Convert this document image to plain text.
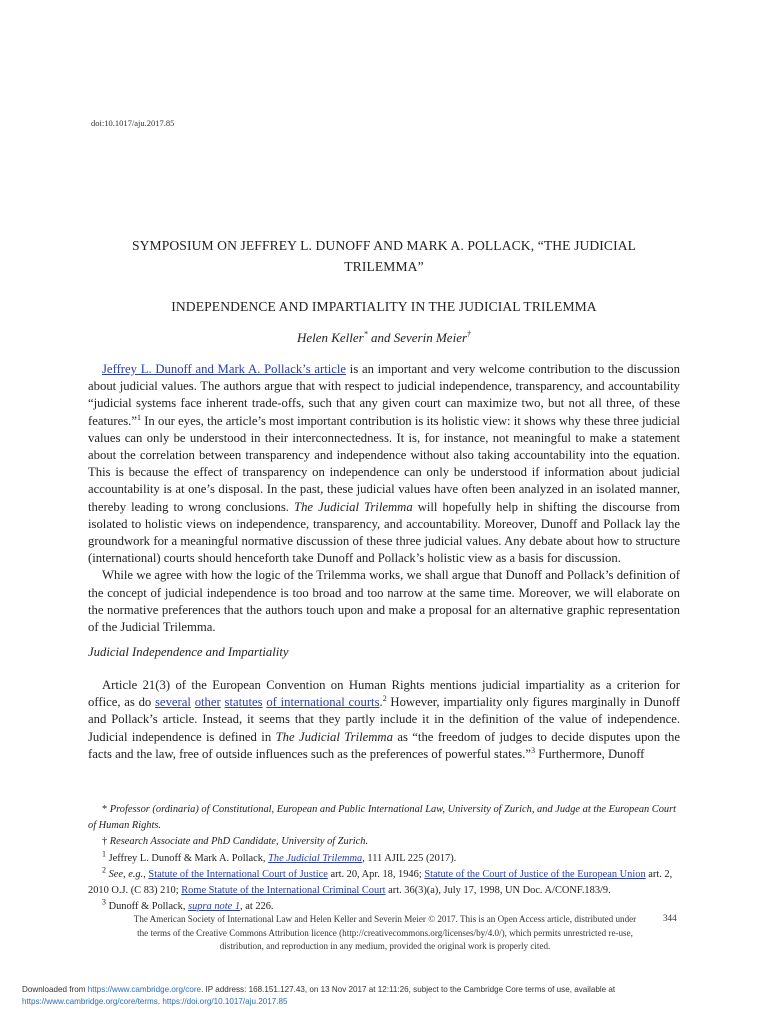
doi:10.1017/aju.2017.85
SYMPOSIUM ON JEFFREY L. DUNOFF AND MARK A. POLLACK, “THE JUDICIAL TRILEMMA”
INDEPENDENCE AND IMPARTIALITY IN THE JUDICIAL TRILEMMA
Helen Keller* and Severin Meier†

Jeffrey L. Dunoff and Mark A. Pollack’s article is an important and very welcome contribution to the discussion about judicial values. The authors argue that with respect to judicial independence, transparency, and accountability “judicial systems face inherent trade-offs, such that any given court can maximize two, but not all three, of these features.”$^1$ In our eyes, the article’s most important contribution is its holistic view: it shows why these three judicial values can only be understood in their interconnectedness. It is, for instance, not meaningful to make a statement about the correlation between transparency and independence without also taking accountability into the equation. This is because the effect of transparency on independence can only be understood if information about judicial accountability is at one’s disposal. In the past, these judicial values have often been analyzed in an isolated manner, thereby leading to wrong conclusions. The Judicial Trilemma will hopefully help in shifting the discourse from isolated to holistic views on independence, transparency, and accountability. Moreover, Dunoff and Pollack lay the groundwork for a meaningful normative discussion of these three judicial values. Any debate about how to structure (international) courts should henceforth take Dunoff and Pollack’s holistic view as a basis for discussion.

While we agree with how the logic of the Trilemma works, we shall argue that Dunoff and Pollack’s definition of the concept of judicial independence is too broad and too narrow at the same time. Moreover, we will elaborate on the normative preferences that the authors touch upon and make a proposal for an alternative graphic representation of the Judicial Trilemma.

Judicial Independence and Impartiality

Article 21(3) of the European Convention on Human Rights mentions judicial impartiality as a criterion for office, as do several other statutes of international courts.$^2$ However, impartiality only figures marginally in Dunoff and Pollack’s article. Instead, it seems that they partly include it in the definition of the value of independence. Judicial independence is defined in The Judicial Trilemma as “the freedom of judges to decide disputes upon the facts and the law, free of outside influences such as the preferences of powerful states.”$^3$ Furthermore, Dunoff

* Professor (ordinaria) of Constitutional, European and Public International Law, University of Zurich, and Judge at the European Court of Human Rights.
† Research Associate and PhD Candidate, University of Zurich.
$^1$ Jeffrey L. Dunoff & Mark A. Pollack, The Judicial Trilemma, 111 AJIL 225 (2017).
$^2$ See, e.g., Statute of the International Court of Justice art. 20, Apr. 18, 1946; Statute of the Court of Justice of the European Union art. 2, 2010 O.J. (C 83) 210; Rome Statute of the International Criminal Court art. 36(3)(a), July 17, 1998, UN Doc. A/CONF.183/9.
$^3$ Dunoff & Pollack, supra note 1, at 226.
The American Society of International Law and Helen Keller and Severin Meier © 2017. This is an Open Access article, distributed under the terms of the Creative Commons Attribution licence (http://creativecommons.org/licenses/by/4.0/), which permits unrestricted re-use, distribution, and reproduction in any medium, provided the original work is properly cited.
344
Downloaded from https://www.cambridge.org/core. IP address: 168.151.127.43, on 13 Nov 2017 at 12:11:26, subject to the Cambridge Core terms of use, available at
https://www.cambridge.org/core/terms. https://doi.org/10.1017/aju.2017.85
